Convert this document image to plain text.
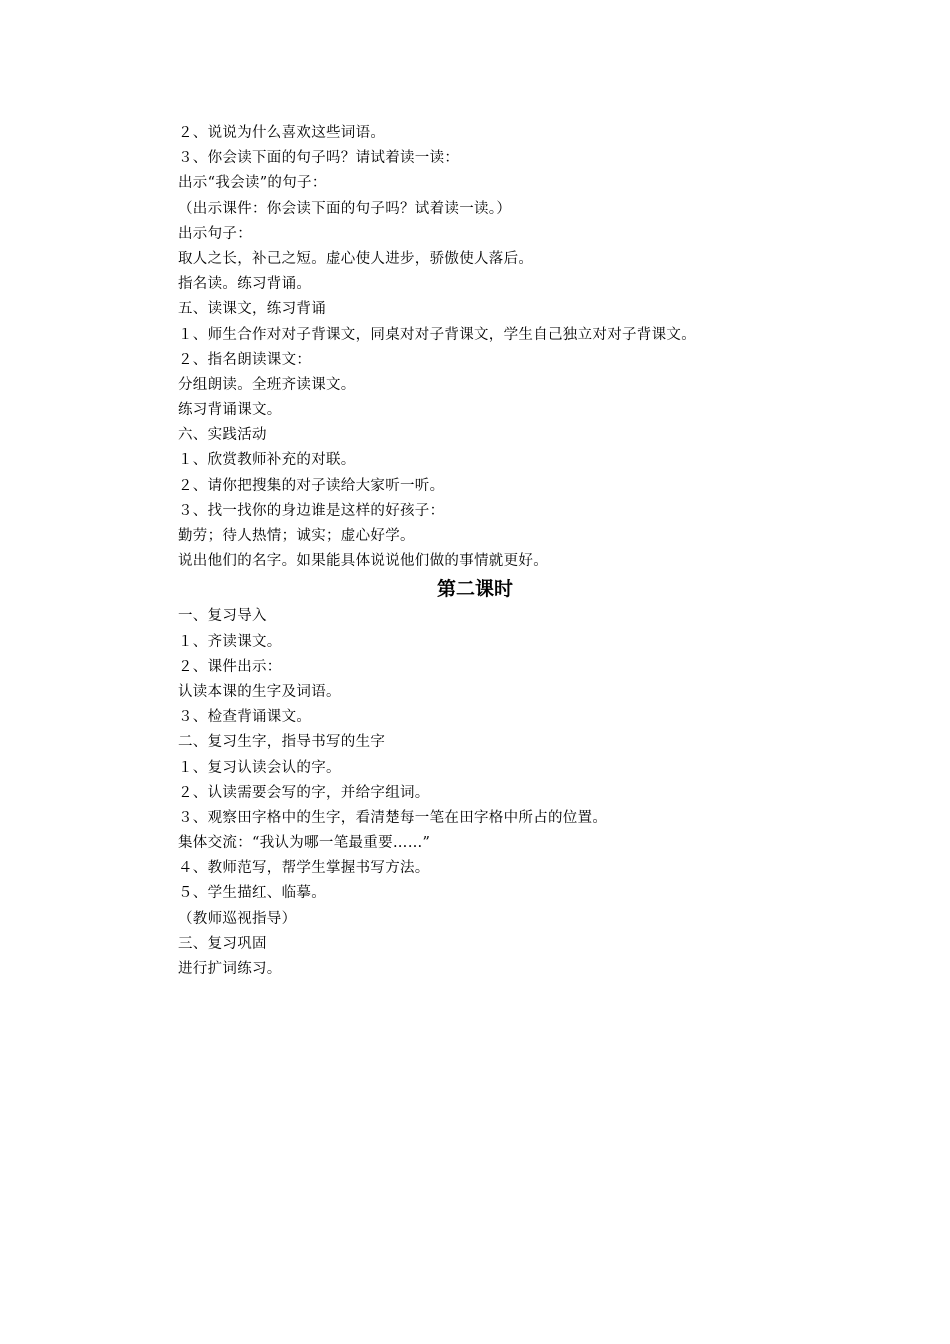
２、说说为什么喜欢这些词语。
３、你会读下面的句子吗？请试着读一读：
出示“我会读”的句子：
（出示课件：你会读下面的句子吗？试着读一读。）
出示句子：
取人之长，补己之短。虚心使人进步，骄傲使人落后。
指名读。练习背诵。
五、读课文，练习背诵
１、师生合作对对子背课文，同桌对对子背课文，学生自己独立对对子背课文。
２、指名朗读课文：
分组朗读。全班齐读课文。
练习背诵课文。
六、实践活动
１、欣赏教师补充的对联。
２、请你把搜集的对子读给大家听一听。
３、找一找你的身边谁是这样的好孩子：
勤劳；待人热情；诚实；虚心好学。
说出他们的名字。如果能具体说说他们做的事情就更好。
第二课时
一、复习导入
１、齐读课文。
２、课件出示：
认读本课的生字及词语。
３、检查背诵课文。
二、复习生字，指导书写的生字
１、复习认读会认的字。
２、认读需要会写的字，并给字组词。
３、观察田字格中的生字，看清楚每一笔在田字格中所占的位置。
集体交流：“我认为哪一笔最重要……”
４、教师范写，帮学生掌握书写方法。
５、学生描红、临摹。
（教师巡视指导）
三、复习巩固
进行扩词练习。
